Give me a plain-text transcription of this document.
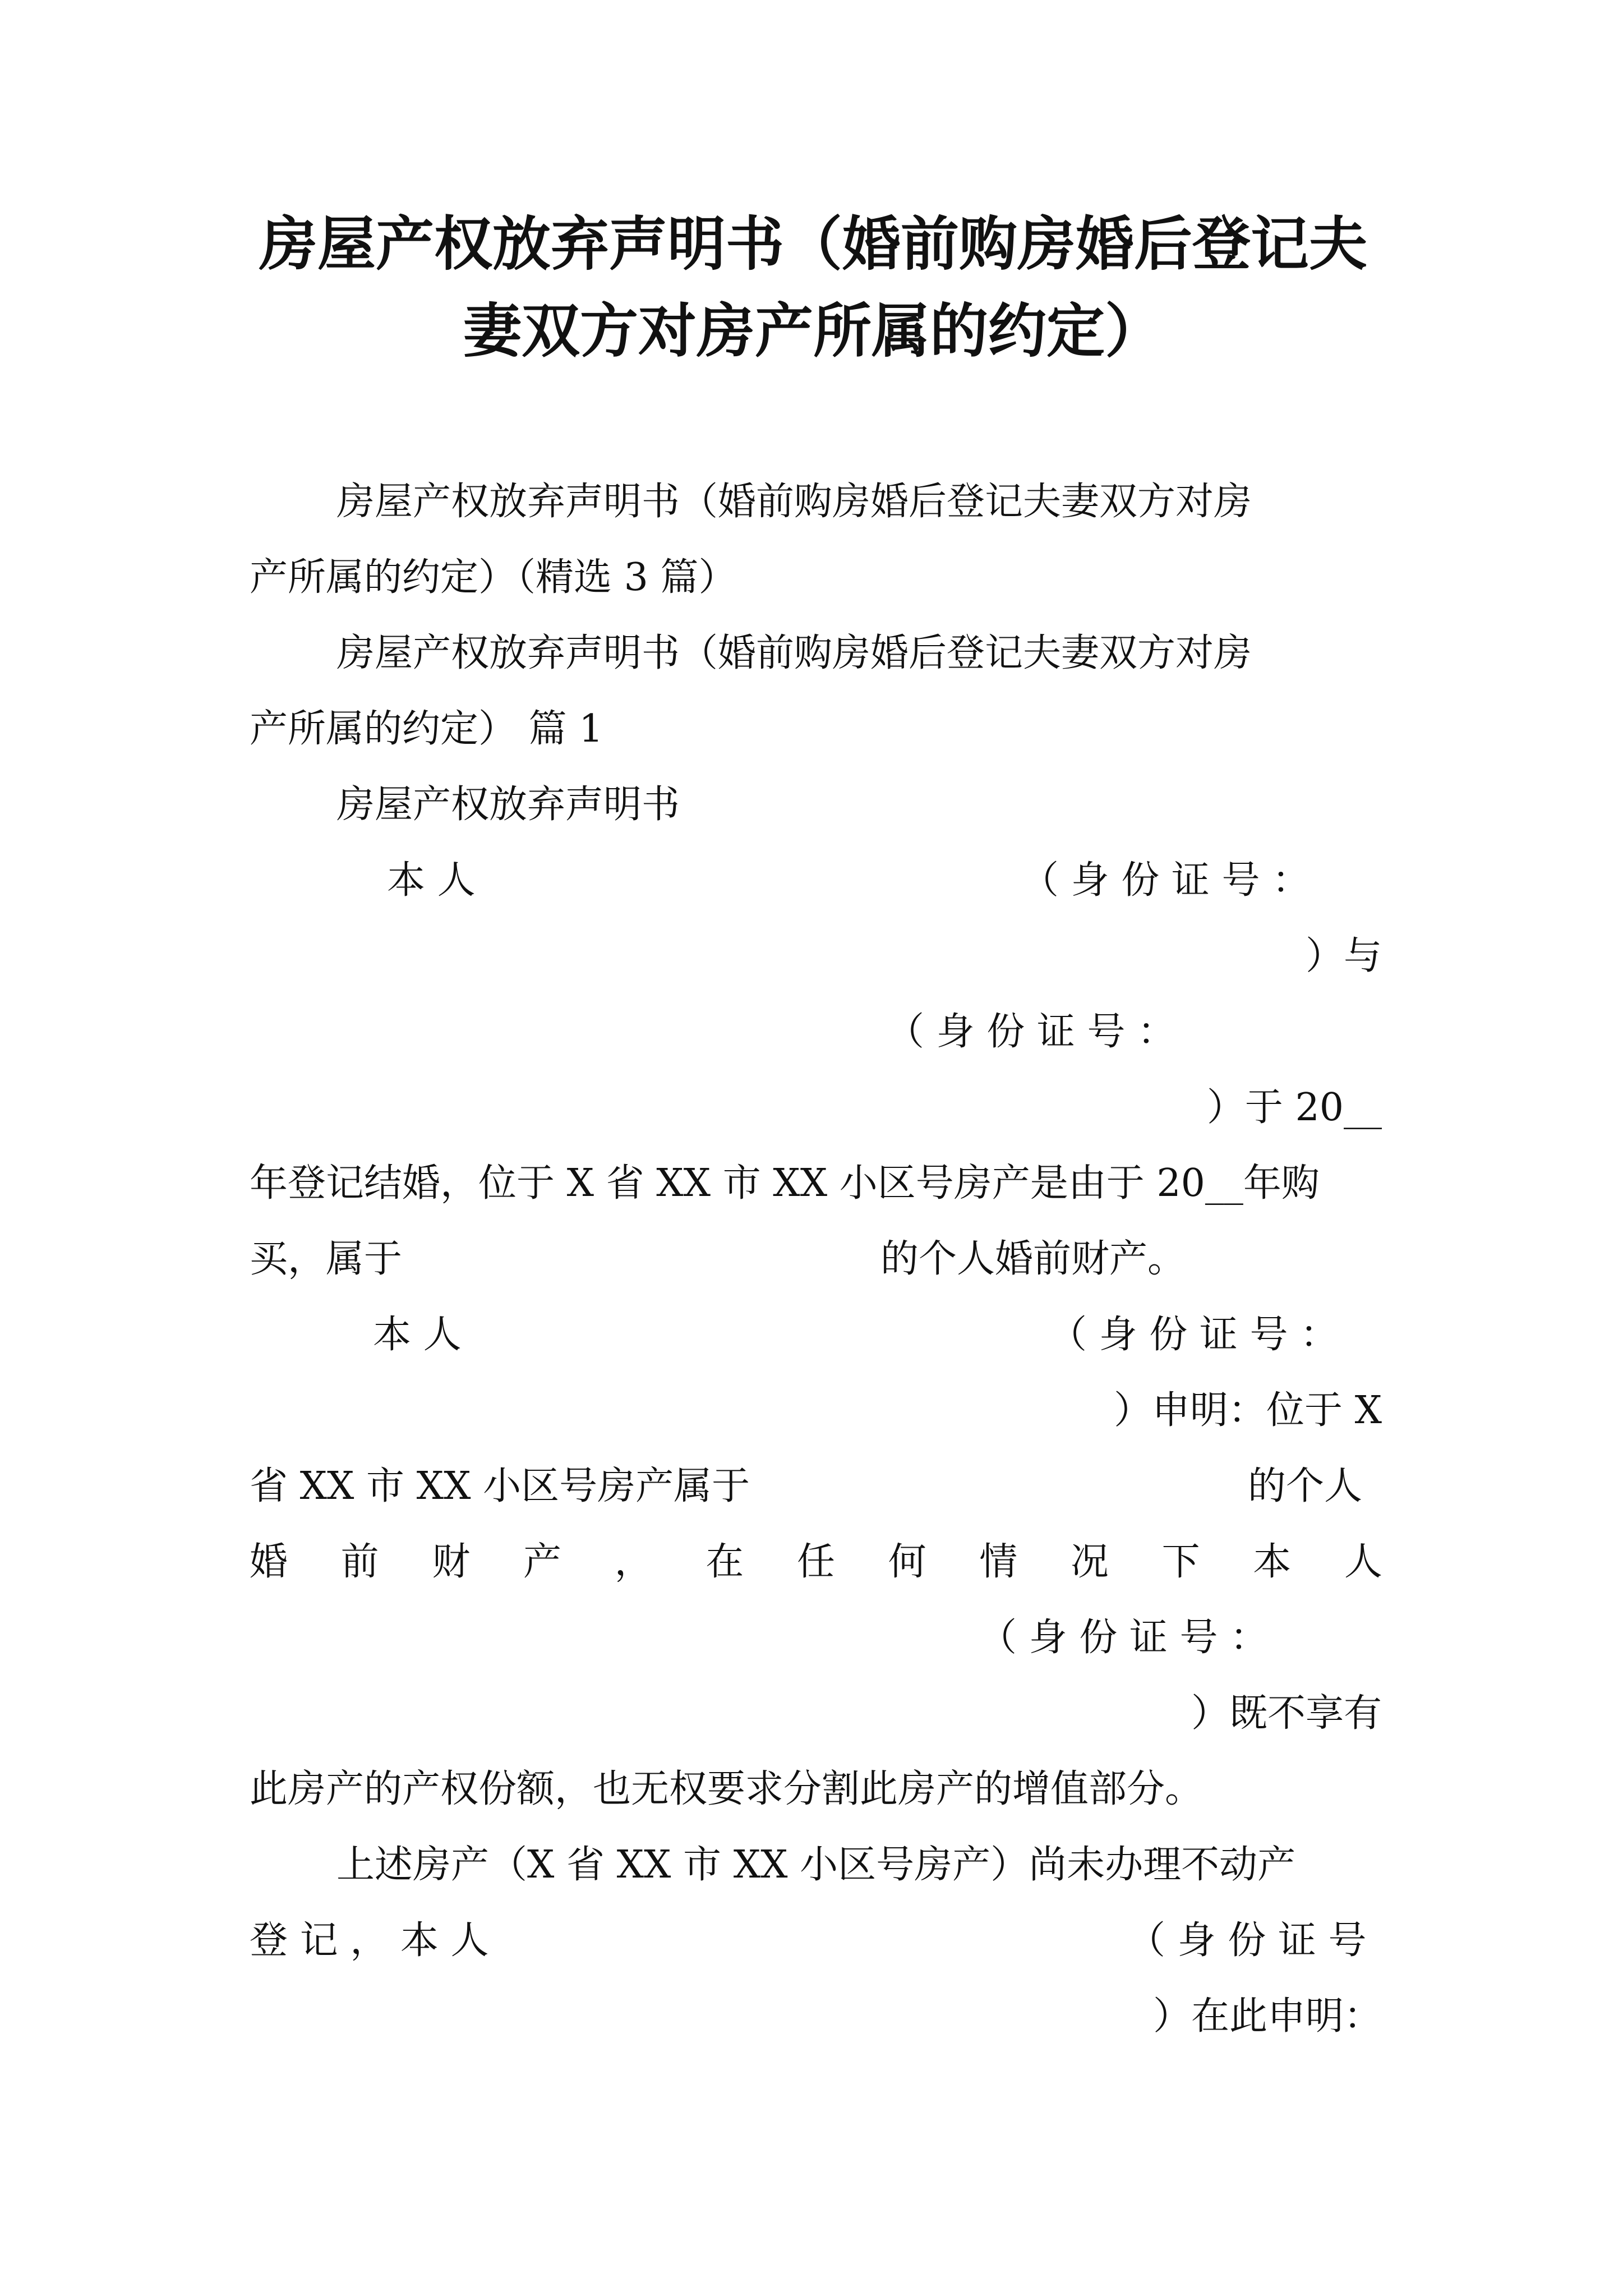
房屋产权放弃声明书（婚前购房婚后登记夫
妻双方对房产所属的约定）

房屋产权放弃声明书（婚前购房婚后登记夫妻双方对房

产所属的约定）（精选 3 篇）

房屋产权放弃声明书（婚前购房婚后登记夫妻双方对房

产所属的约定） 篇 1

房屋产权放弃声明书

本 人	（ 身 份 证 号 ：

）与

（ 身 份 证 号 ：

）于 20__

年登记结婚，位于 X 省 XX 市 XX 小区号房产是由于 20__年购

买，属于	的个人婚前财产。

本 人	（ 身 份 证 号 ：

）申明：位于 X

省 XX 市 XX 小区号房产属于	的个人

婚 前 财 产 ， 在 任 何 情 况 下 本 人

（ 身 份 证 号 ：

）既不享有

此房产的产权份额，也无权要求分割此房产的增值部分。

上述房产（X 省 XX 市 XX 小区号房产）尚未办理不动产

登 记 ， 本 人	（ 身 份 证 号

）在此申明：
